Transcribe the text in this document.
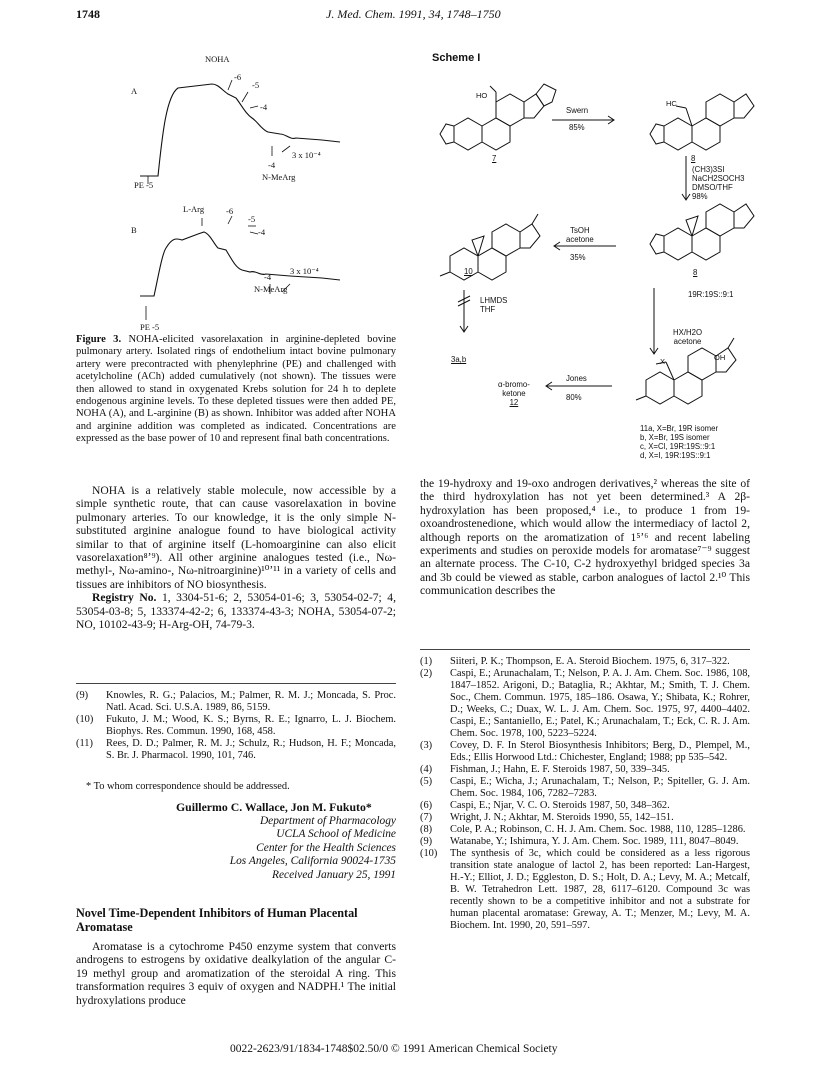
1748	J. Med. Chem. 1991, 34, 1748–1750
NOHA
A
-6
-5
-4
-4
3 x 10⁻⁴
N-MeArg
PE -5
L-Arg
B
-6
-5
-4
-4
3 x 10⁻⁴
N-MeArg
PE -5
Figure 3. NOHA-elicited vasorelaxation in arginine-depleted bovine pulmonary artery. Isolated rings of endothelium intact bovine pulmonary artery were precontracted with phenylephrine (PE) and challenged with acetylcholine (ACh) added cumulatively (not shown). The tissues were then allowed to stand in oxygenated Krebs solution for 24 h to deplete endogenous arginine levels. To these depleted tissues were then added PE, NOHA (A), and L-arginine (B) as shown. Inhibitor was added after NOHA and arginine addition was completed as indicated. Concentrations are expressed as the base power of 10 and represent final bath concentrations.

NOHA is a relatively stable molecule, now accessible by a simple synthetic route, that can cause vasorelaxation in bovine pulmonary arteries. To our knowledge, it is the only simple N-substituted arginine analogue found to have biological activity similar to that of arginine itself (L-homoarginine can also elicit vasorelaxation⁸ʼ⁹). All other arginine analogues tested (i.e., Nω-methyl-, Nω-amino-, Nω-nitroarginine)¹⁰ʼ¹¹ in a variety of cells and tissues are inhibitors of NO biosynthesis.

Registry No. 1, 3304-51-6; 2, 53054-01-6; 3, 53054-02-7; 4, 53054-03-8; 5, 133374-42-2; 6, 133374-43-3; NOHA, 53054-07-2; NO, 10102-43-9; H-Arg-OH, 74-79-3.

(9)	Knowles, R. G.; Palacios, M.; Palmer, R. M. J.; Moncada, S. Proc. Natl. Acad. Sci. U.S.A. 1989, 86, 5159.
(10)	Fukuto, J. M.; Wood, K. S.; Byrns, R. E.; Ignarro, L. J. Biochem. Biophys. Res. Commun. 1990, 168, 458.
(11)	Rees, D. D.; Palmer, R. M. J.; Schulz, R.; Hudson, H. F.; Moncada, S. Br. J. Pharmacol. 1990, 101, 746.
* To whom correspondence should be addressed.
Guillermo C. Wallace, Jon M. Fukuto*
Department of Pharmacology
UCLA School of Medicine
Center for the Health Sciences
Los Angeles, California 90024-1735
Received January 25, 1991
Novel Time-Dependent Inhibitors of Human Placental Aromatase

Aromatase is a cytochrome P450 enzyme system that converts androgens to estrogens by oxidative dealkylation of the angular C-19 methyl group and aromatization of the steroidal A ring. This transformation requires 3 equiv of oxygen and NADPH.¹ The initial hydroxylations produce

Scheme I
HO
HC
OH
X
Swern
85%
7	8
(CH3)3SI
NaCH2SOCH3
DMSO/THF
98%
TsOH
acetone
35%
10	8
19R:19S::9:1
LHMDS
THF
HX/H2O
acetone
3a,b
α-bromo-
ketone
12
Jones
80%
11a, X=Br, 19R isomer
b, X=Br, 19S isomer
c, X=Cl, 19R:19S::9:1
d, X=I, 19R:19S::9:1

the 19-hydroxy and 19-oxo androgen derivatives,² whereas the site of the third hydroxylation has not yet been determined.³ A 2β-hydroxylation has been proposed,⁴ i.e., to produce 1 from 19-oxoandrostenedione, which would allow the intermediacy of lactol 2, although reports on the aromatization of 1⁵ʼ⁶ and recent labeling experiments and studies on peroxide models for aromatase⁷⁻⁹ suggest an alternate process. The C-10, C-2 hydroxyethyl bridged species 3a and 3b could be viewed as stable, carbon analogues of lactol 2.¹⁰ This communication describes the

(1)	Siiteri, P. K.; Thompson, E. A. Steroid Biochem. 1975, 6, 317–322.
(2)	Caspi, E.; Arunachalam, T.; Nelson, P. A. J. Am. Chem. Soc. 1986, 108, 1847–1852. Arigoni, D.; Bataglia, R.; Akhtar, M.; Smith, T. J. Chem. Soc., Chem. Commun. 1975, 185–186. Osawa, Y.; Shibata, K.; Rohrer, D.; Weeks, C.; Duax, W. L. J. Am. Chem. Soc. 1975, 97, 4400–4402. Caspi, E.; Santaniello, E.; Patel, K.; Arunachalam, T.; Eck, C. R. J. Am. Chem. Soc. 1978, 100, 5223–5224.
(3)	Covey, D. F. In Sterol Biosynthesis Inhibitors; Berg, D., Plempel, M., Eds.; Ellis Horwood Ltd.: Chichester, England; 1988; pp 535–542.
(4)	Fishman, J.; Hahn, E. F. Steroids 1987, 50, 339–345.
(5)	Caspi, E.; Wicha, J.; Arunachalam, T.; Nelson, P.; Spiteller, G. J. Am. Chem. Soc. 1984, 106, 7282–7283.
(6)	Caspi, E.; Njar, V. C. O. Steroids 1987, 50, 348–362.
(7)	Wright, J. N.; Akhtar, M. Steroids 1990, 55, 142–151.
(8)	Cole, P. A.; Robinson, C. H. J. Am. Chem. Soc. 1988, 110, 1285–1286.
(9)	Watanabe, Y.; Ishimura, Y. J. Am. Chem. Soc. 1989, 111, 8047–8049.
(10)	The synthesis of 3c, which could be considered as a less rigorous transition state analogue of lactol 2, has been reported: Lan-Hargest, H.-Y.; Elliot, J. D.; Eggleston, D. S.; Holt, D. A.; Levy, M. A.; Metcalf, B. W. Tetrahedron Lett. 1987, 28, 6117–6120. Compound 3c was recently shown to be a competitive inhibitor and not a substrate for human placental aromatase: Greway, A. T.; Menzer, M.; Levy, M. A. Biochem. Int. 1990, 20, 591–597.
0022-2623/91/1834-1748$02.50/0 © 1991 American Chemical Society
